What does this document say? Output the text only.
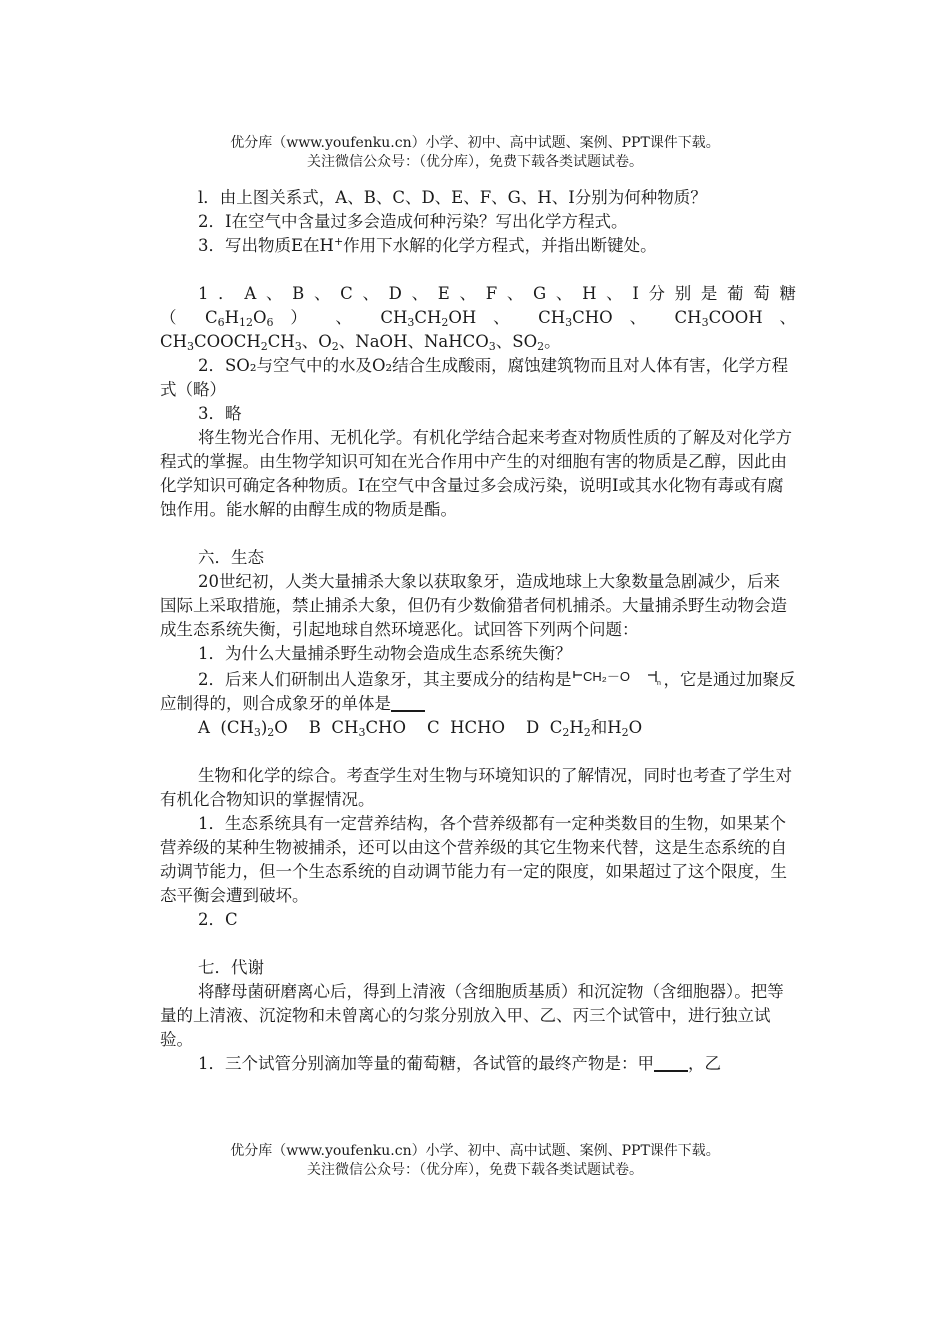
优分库（www.youfenku.cn）小学、初中、高中试题、案例、PPT课件下载。
关注微信公众号：（优分库），免费下载各类试题试卷。

l．由上图关系式，A、B、C、D、E、F、G、H、I分别为何种物质？

2．I在空气中含量过多会造成何种污染？写出化学方程式。

3．写出物质E在H+作用下水解的化学方程式，并指出断键处。

1．A、B、C、D、E、F、G、H、I分别是葡萄糖

（ $C_6H_{12}O_6$ ） 、 $CH_3CH_2OH$ 、 $CH_3CHO$ 、 $CH_3COOH$ 、

$CH_3COOCH_2CH_3$、$O_2$、NaOH、NaHCO$_3$、$SO_2$。

2．SO₂与空气中的水及O₂结合生成酸雨，腐蚀建筑物而且对人体有害，化学方程式（略）

3．略

将生物光合作用、无机化学。有机化学结合起来考查对物质性质的了解及对化学方程式的掌握。由生物学知识可知在光合作用中产生的对细胞有害的物质是乙醇，因此由化学知识可确定各种物质。I在空气中含量过多会成污染，说明I或其水化物有毒或有腐蚀作用。能水解的由醇生成的物质是酯。

六．生态

20世纪初，人类大量捕杀大象以获取象牙，造成地球上大象数量急剧减少，后来国际上采取措施，禁止捕杀大象，但仍有少数偷猎者伺机捕杀。大量捕杀野生动物会造成生态系统失衡，引起地球自然环境恶化。试回答下列两个问题：

1．为什么大量捕杀野生动物会造成生态系统失衡？

2．后来人们研制出人造象牙，其主要成分的结构是 CH₂－O	n ，它是通过加聚反应制得的，则合成象牙的单体是

A  $(CH_3)_2O$    B  $CH_3CHO$    C  HCHO    D  $C_2H_2$和$H_2O$

生物和化学的综合。考查学生对生物与环境知识的了解情况，同时也考查了学生对有机化合物知识的掌握情况。

1．生态系统具有一定营养结构，各个营养级都有一定种类数目的生物，如果某个营养级的某种生物被捕杀，还可以由这个营养级的其它生物来代替，这是生态系统的自动调节能力，但一个生态系统的自动调节能力有一定的限度，如果超过了这个限度，生态平衡会遭到破坏。

2．C

七．代谢

将酵母菌研磨离心后，得到上清液（含细胞质基质）和沉淀物（含细胞器）。把等量的上清液、沉淀物和未曾离心的匀浆分别放入甲、乙、丙三个试管中，进行独立试验。

1．三个试管分别滴加等量的葡萄糖，各试管的最终产物是：甲 ，乙

优分库（www.youfenku.cn）小学、初中、高中试题、案例、PPT课件下载。
关注微信公众号：（优分库），免费下载各类试题试卷。
